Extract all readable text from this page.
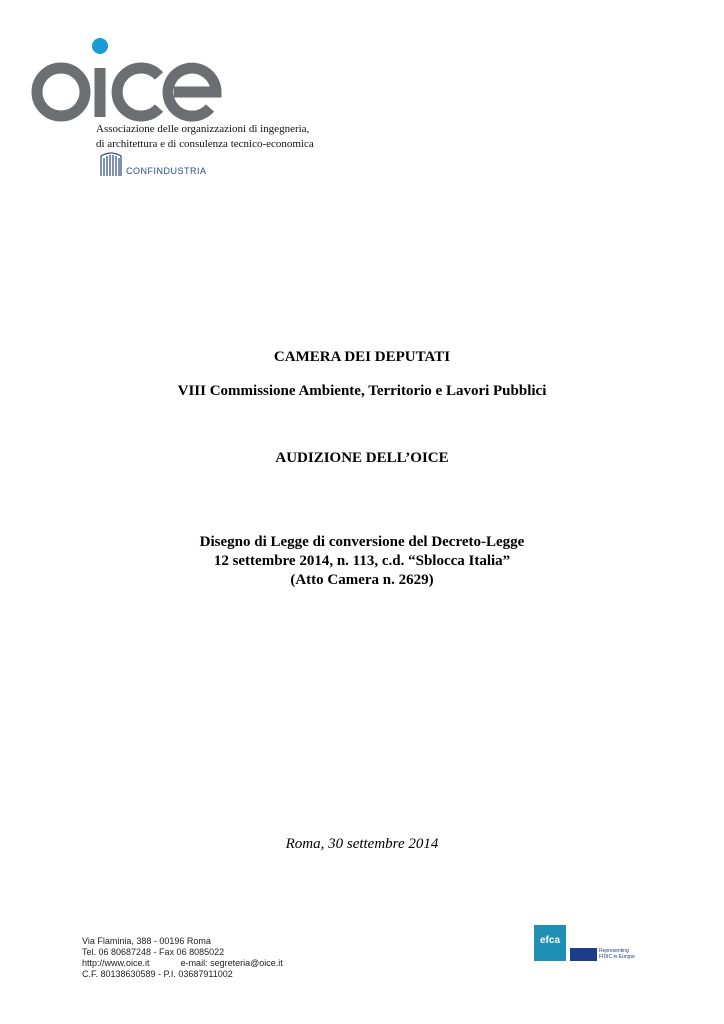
Associazione delle organizzazioni di ingegneria,
di architettura e di consulenza tecnico-economica
CONFINDUSTRIA
CAMERA DEI DEPUTATI
VIII Commissione Ambiente, Territorio e Lavori Pubblici
AUDIZIONE DELL’OICE
Disegno di Legge di conversione del Decreto-Legge
12 settembre 2014, n. 113, c.d. “Sblocca Italia”
(Atto Camera n. 2629)
Roma, 30 settembre 2014
Via Flaminia, 388 - 00196 Roma
Tel. 06 80687248 - Fax 06 8085022
http://www.oice.it	e-mail: segreteria@oice.it
C.F. 80138630589 - P.I. 03687911002
efca
Representing
FIDIC in Europe
